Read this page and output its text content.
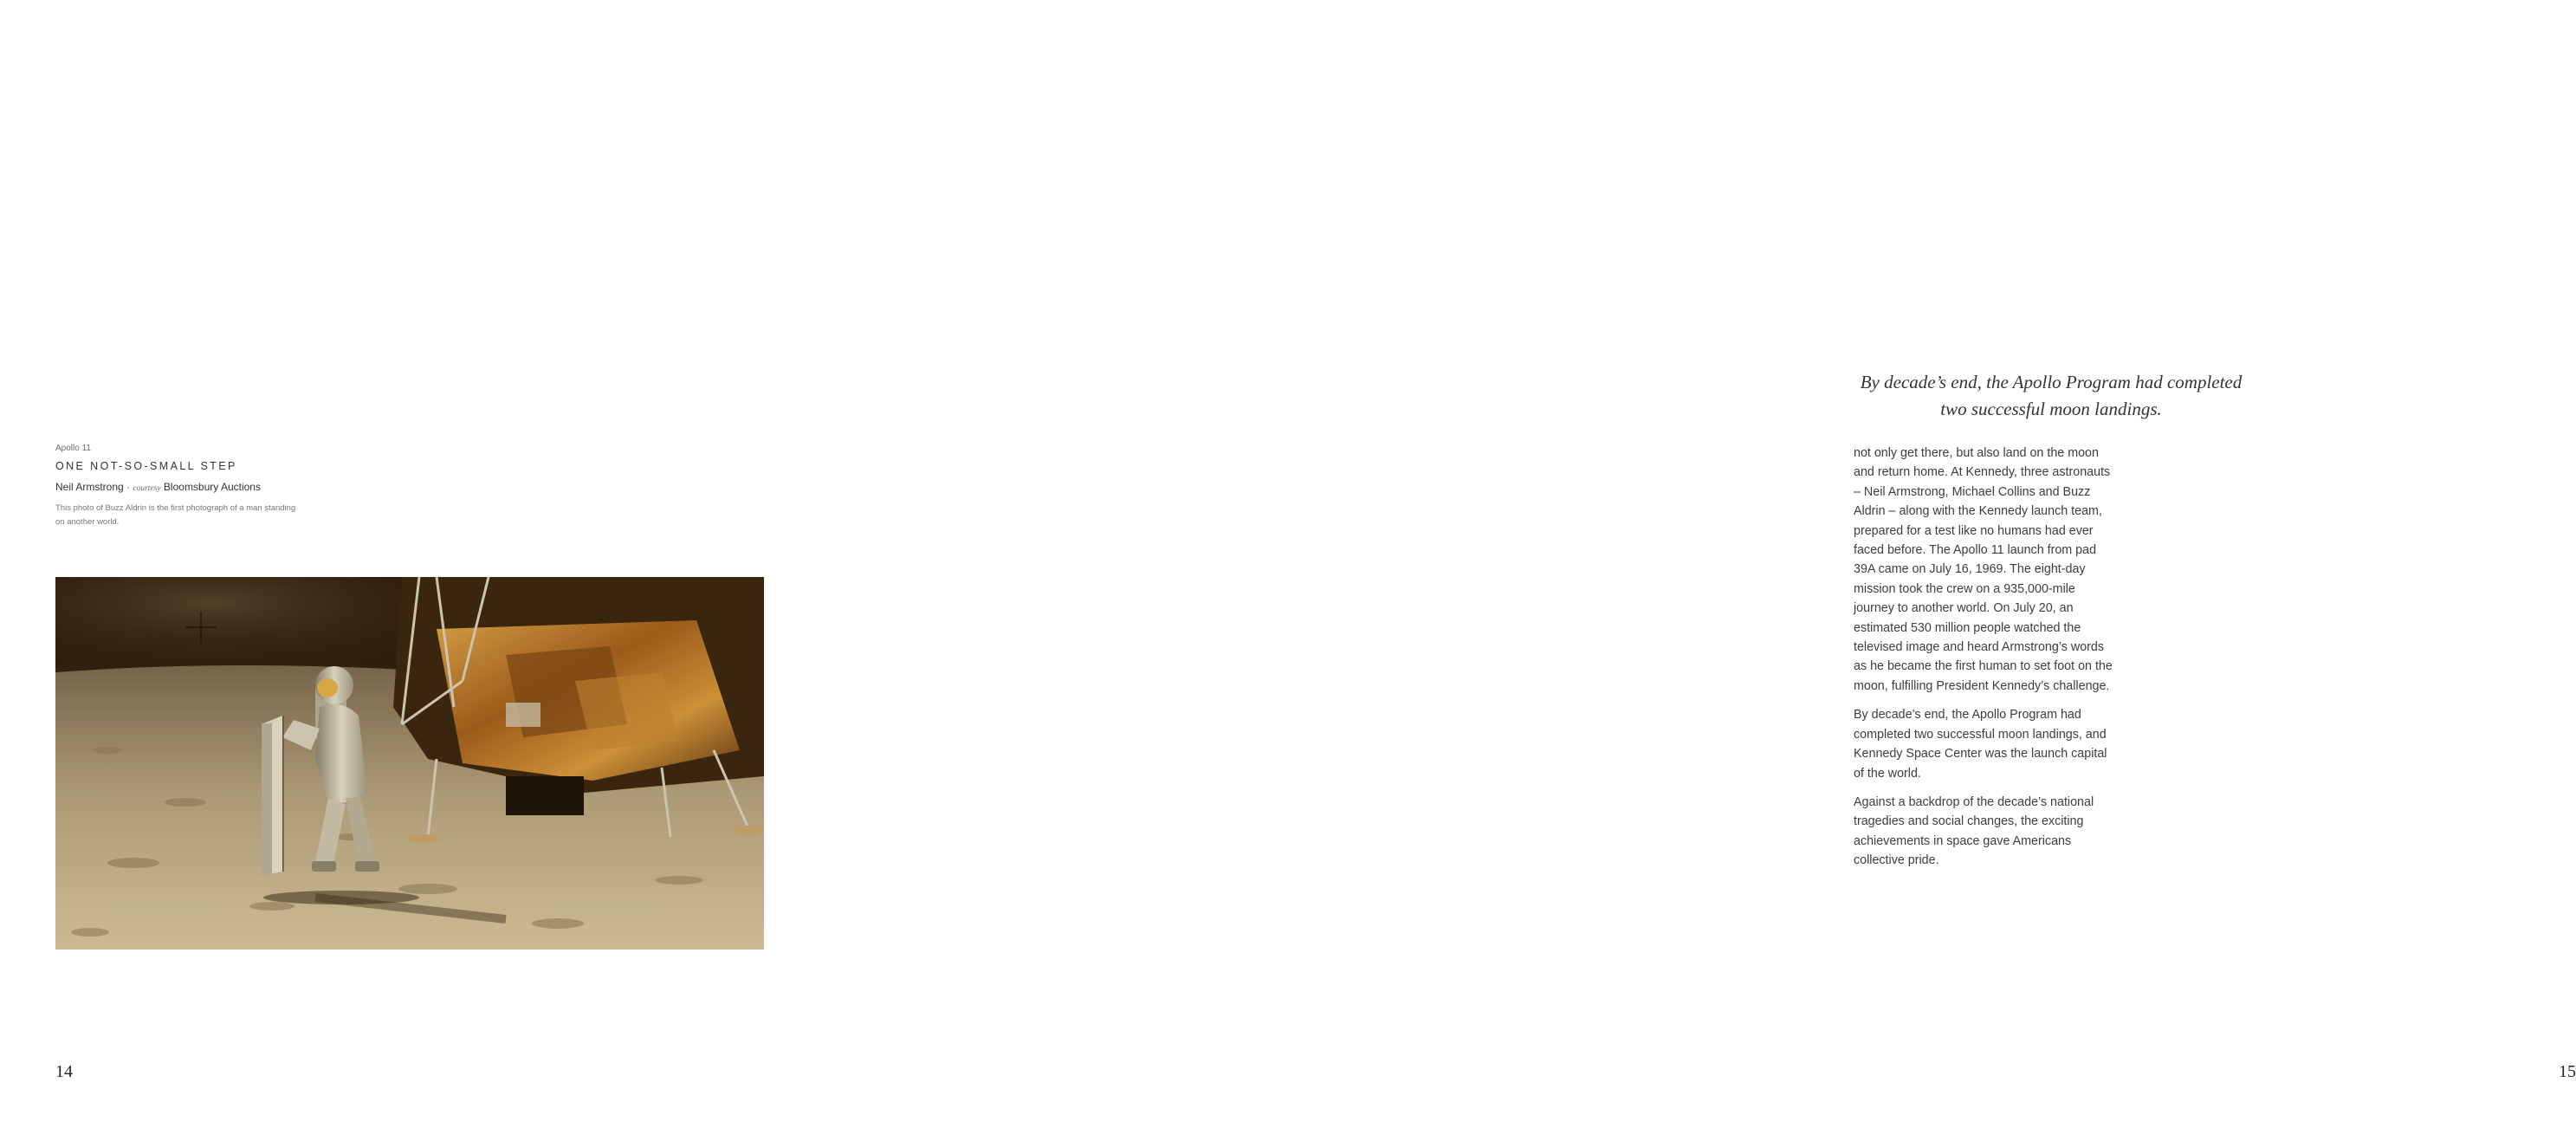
Apollo 11
ONE NOT-SO-SMALL STEP
Neil Armstrong · courtesy Bloomsbury Auctions

This photo of Buzz Aldrin is the first photograph of a man standing on another world.

14
By decade’s end, the Apollo Program had completed
two successful moon landings.

not only get there, but also land on the moon and return home. At Kennedy, three astronauts – Neil Armstrong, Michael Collins and Buzz Aldrin – along with the Kennedy launch team, prepared for a test like no humans had ever faced before. The Apollo 11 launch from pad 39A came on July 16, 1969. The eight-day mission took the crew on a 935,000-mile journey to another world. On July 20, an estimated 530 million people watched the televised image and heard Armstrong’s words as he became the first human to set foot on the moon, fulfilling President Kennedy’s challenge.

By decade’s end, the Apollo Program had completed two successful moon landings, and Kennedy Space Center was the launch capital of the world.

Against a backdrop of the decade’s national tragedies and social changes, the exciting achievements in space gave Americans collective pride.

15
